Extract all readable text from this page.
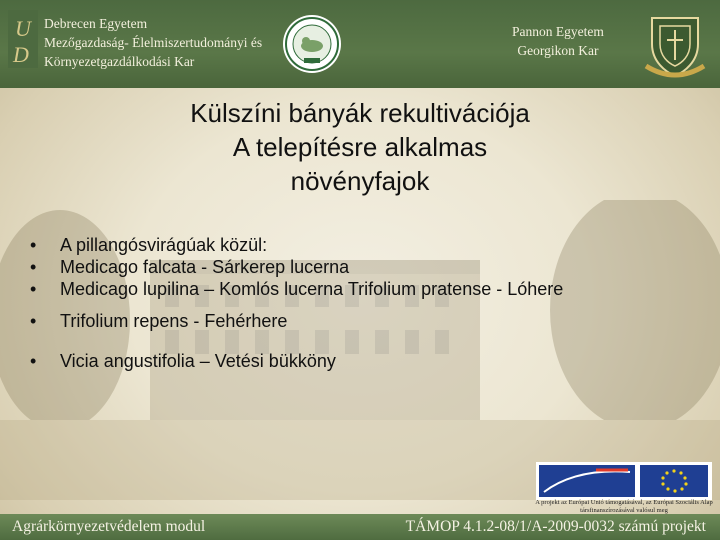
U
D
Debrecen Egyetem
Mezőgazdaság- Élelmiszertudományi és
Környezetgazdálkodási Kar
Pannon Egyetem
Georgikon Kar
Külszíni bányák rekultivációja
A telepítésre alkalmas
növényfajok
• A pillangósvirágúak közül:
• Medicago falcata - Sárkerep lucerna
• Medicago lupilina – Komlós lucerna Trifolium pratense - Lóhere
• Trifolium repens - Fehérhere
• Vicia angustifolia – Vetési bükköny
A projekt az Európai Unió támogatásával, az Európai Szociális Alap társfinanszírozásával valósul meg
Agrárkörnyezetvédelem modul	TÁMOP 4.1.2-08/1/A-2009-0032 számú projekt
